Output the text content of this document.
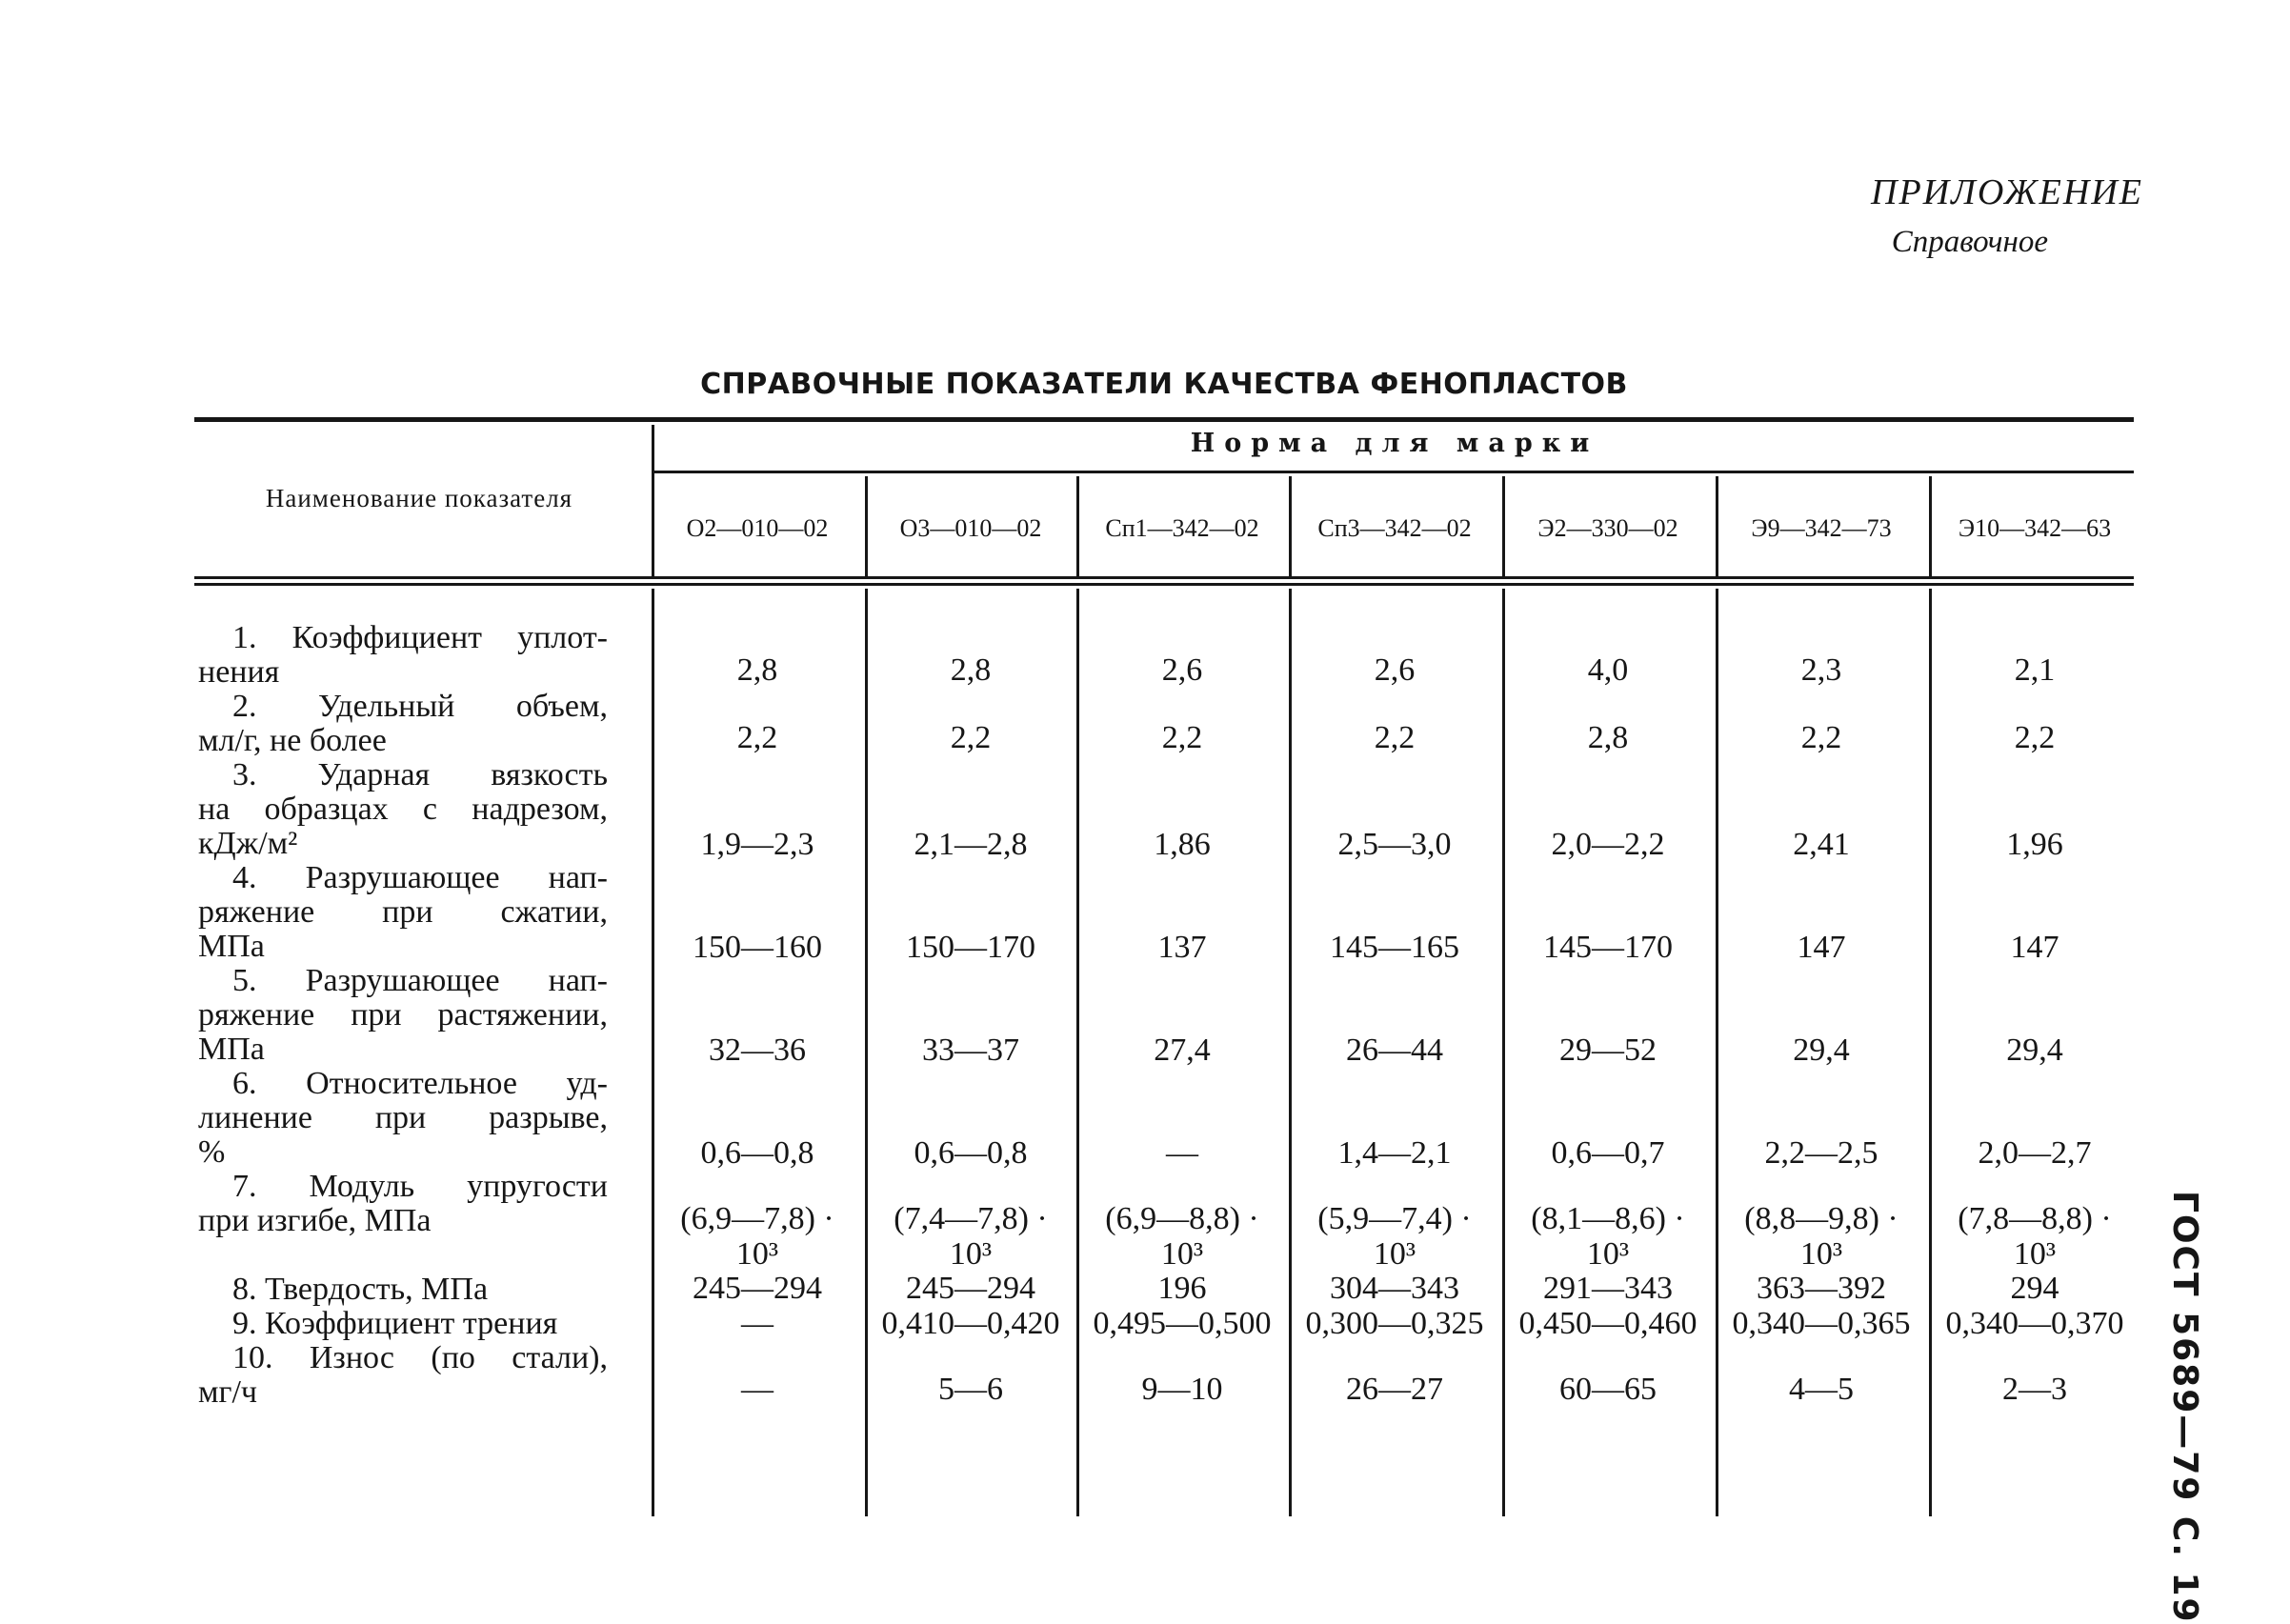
ПРИЛОЖЕНИЕ
Справочное
СПРАВОЧНЫЕ ПОКАЗАТЕЛИ КАЧЕСТВА ФЕНОПЛАСТОВ
Наименование показателя
Норма для марки
О2—010—02	О3—010—02	Сп1—342—02	Сп3—342—02	Э2—330—02	Э9—342—73	Э10—342—63
1. Коэффициент уплот-
нения	2,8	2,8	2,6	2,6	4,0	2,3	2,1
2. Удельный объем,
мл/г, не более	2,2	2,2	2,2	2,2	2,8	2,2	2,2
3. Ударная вязкость
на образцах с надрезом,
кДж/м²	1,9—2,3	2,1—2,8	1,86	2,5—3,0	2,0—2,2	2,41	1,96
4. Разрушающее нап-
ряжение при сжатии,
МПа	150—160	150—170	137	145—165	145—170	147	147
5. Разрушающее нап-
ряжение при растяжении,
МПа	32—36	33—37	27,4	26—44	29—52	29,4	29,4
6. Относительное уд-
линение при разрыве,
%	0,6—0,8	0,6—0,8	—	1,4—2,1	0,6—0,7	2,2—2,5	2,0—2,7
7. Модуль упругости
при изгибе, МПа	(6,9—7,8) ·	(7,4—7,8) ·	(6,9—8,8) ·	(5,9—7,4) ·	(8,1—8,6) ·	(8,8—9,8) ·	(7,8—8,8) ·
10³	10³	10³	10³	10³	10³	10³
8. Твердость, МПа	245—294	245—294	196	304—343	291—343	363—392	294
9. Коэффициент трения	—	0,410—0,420	0,495—0,500	0,300—0,325	0,450—0,460	0,340—0,365	0,340—0,370
10. Износ (по стали),
мг/ч	—	5—6	9—10	26—27	60—65	4—5	2—3	ГОСТ 5689—79 С. 19
